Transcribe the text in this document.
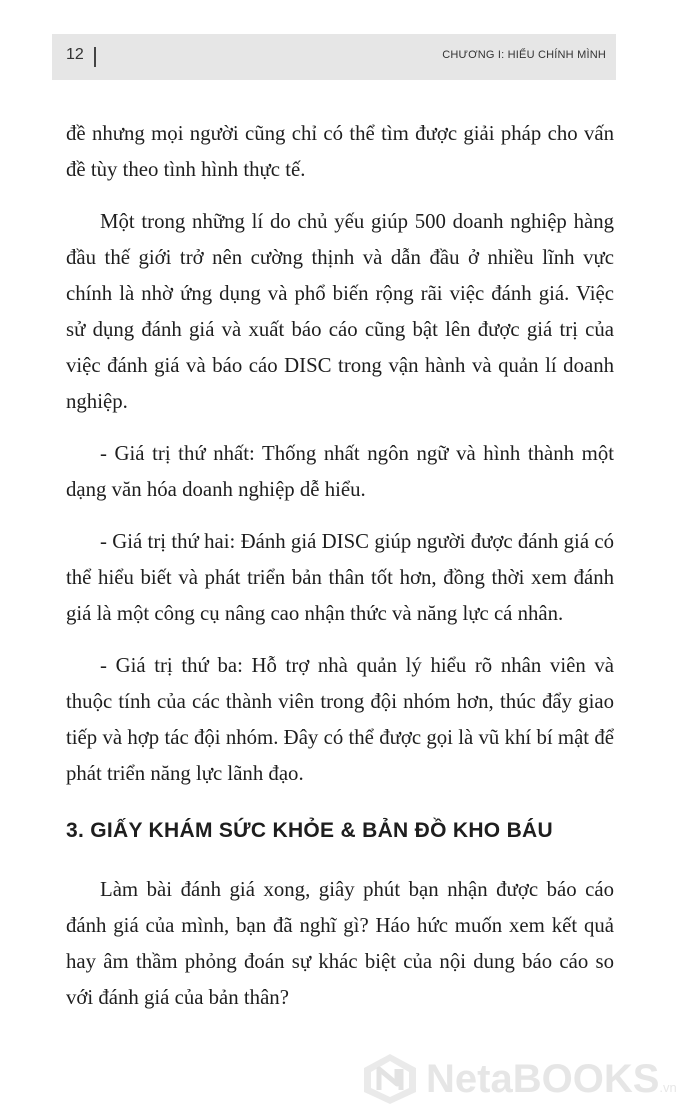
12	CHƯƠNG I: HIỂU CHÍNH MÌNH

đề nhưng mọi người cũng chỉ có thể tìm được giải pháp cho vấn đề tùy theo tình hình thực tế.

Một trong những lí do chủ yếu giúp 500 doanh nghiệp hàng đầu thế giới trở nên cường thịnh và dẫn đầu ở nhiều lĩnh vực chính là nhờ ứng dụng và phổ biến rộng rãi việc đánh giá. Việc sử dụng đánh giá và xuất báo cáo cũng bật lên được giá trị của việc đánh giá và báo cáo DISC trong vận hành và quản lí doanh nghiệp.

- Giá trị thứ nhất: Thống nhất ngôn ngữ và hình thành một dạng văn hóa doanh nghiệp dễ hiểu.

- Giá trị thứ hai: Đánh giá DISC giúp người được đánh giá có thể hiểu biết và phát triển bản thân tốt hơn, đồng thời xem đánh giá là một công cụ nâng cao nhận thức và năng lực cá nhân.

- Giá trị thứ ba: Hỗ trợ nhà quản lý hiểu rõ nhân viên và thuộc tính của các thành viên trong đội nhóm hơn, thúc đẩy giao tiếp và hợp tác đội nhóm. Đây có thể được gọi là vũ khí bí mật để phát triển năng lực lãnh đạo.

3. GIẤY KHÁM SỨC KHỎE & BẢN ĐỒ KHO BÁU

Làm bài đánh giá xong, giây phút bạn nhận được báo cáo đánh giá của mình, bạn đã nghĩ gì? Háo hức muốn xem kết quả hay âm thầm phỏng đoán sự khác biệt của nội dung báo cáo so với đánh giá của bản thân?

NetaBOOKS.vn
